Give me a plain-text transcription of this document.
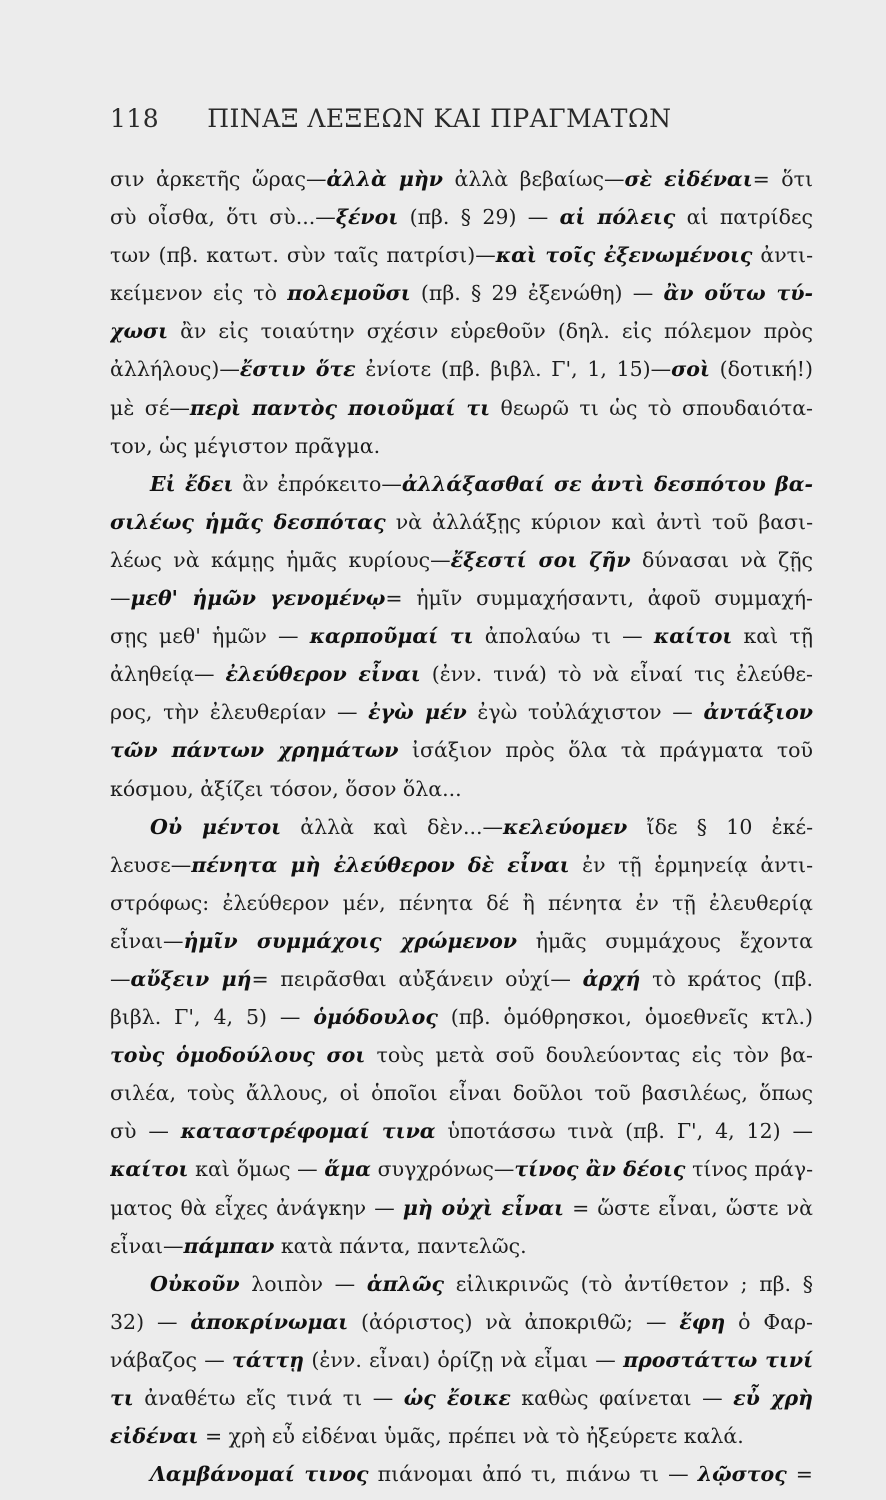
118 ΠΙΝΑΞ ΛΕΞΕΩΝ ΚΑΙ ΠΡΑΓΜΑΤΩΝ
σιν ἀρκετῆς ὥρας—ἀλλὰ μὴν ἀλλὰ βεβαίως—σὲ εἰδέναι= ὅτι
σὺ οἶσθα, ὅτι σὺ...—ξένοι (πβ. § 29) — αἱ πόλεις αἱ πατρίδες
των (πβ. κατωτ. σὺν ταῖς πατρίσι)—καὶ τοῖς ἐξενωμένοις ἀντι-
κείμενον εἰς τὸ πολεμοῦσι (πβ. § 29 ἐξενώθη) — ἂν οὕτω τύ-
χωσι ἂν εἰς τοιαύτην σχέσιν εὑρεθοῦν (δηλ. εἰς πόλεμον πρὸς
ἀλλήλους)—ἔστιν ὅτε ἐνίοτε (πβ. βιβλ. Γ', 1, 15)—σοὶ (δοτική!)
μὲ σέ—περὶ παντὸς ποιοῦμαί τι θεωρῶ τι ὡς τὸ σπουδαιότα-
τον, ὡς μέγιστον πρᾶγμα.
Εἰ ἔδει ἂν ἐπρόκειτο—ἀλλάξασθαί σε ἀντὶ δεσπότου βα-
σιλέως ἡμᾶς δεσπότας νὰ ἀλλάξῃς κύριον καὶ ἀντὶ τοῦ βασι-
λέως νὰ κάμῃς ἡμᾶς κυρίους—ἔξεστί σοι ζῆν δύνασαι νὰ ζῇς
—μεθ' ἡμῶν γενομένῳ= ἡμῖν συμμαχήσαντι, ἀφοῦ συμμαχή-
σῃς μεθ' ἡμῶν — καρποῦμαί τι ἀπολαύω τι — καίτοι καὶ τῇ
ἀληθείᾳ— ἐλεύθερον εἶναι (ἐνν. τινά) τὸ νὰ εἶναί τις ἐλεύθε-
ρος, τὴν ἐλευθερίαν — ἐγὼ μέν ἐγὼ τοὐλάχιστον — ἀντάξιον
τῶν πάντων χρημάτων ἰσάξιον πρὸς ὅλα τὰ πράγματα τοῦ
κόσμου, ἀξίζει τόσον, ὅσον ὅλα...
Οὐ μέντοι ἀλλὰ καὶ δὲν...—κελεύομεν ἴδε § 10 ἐκέ-
λευσε—πένητα μὴ ἐλεύθερον δὲ εἶναι ἐν τῇ ἑρμηνείᾳ ἀντι-
στρόφως: ἐλεύθερον μέν, πένητα δέ ἢ πένητα ἐν τῇ ἐλευθερίᾳ
εἶναι—ἡμῖν συμμάχοις χρώμενον ἡμᾶς συμμάχους ἔχοντα
—αὔξειν μή= πειρᾶσθαι αὐξάνειν οὐχί— ἀρχή τὸ κράτος (πβ.
βιβλ. Γ', 4, 5) — ὁμόδουλος (πβ. ὁμόθρησκοι, ὁμοεθνεῖς κτλ.)
τοὺς ὁμοδούλους σοι τοὺς μετὰ σοῦ δουλεύοντας εἰς τὸν βα-
σιλέα, τοὺς ἄλλους, οἱ ὁποῖοι εἶναι δοῦλοι τοῦ βασιλέως, ὅπως
σὺ — καταστρέφομαί τινα ὑποτάσσω τινὰ (πβ. Γ', 4, 12) —
καίτοι καὶ ὅμως — ἅμα συγχρόνως—τίνος ἂν δέοις τίνος πράγ-
ματος θὰ εἶχες ἀνάγκην — μὴ οὐχὶ εἶναι = ὥστε εἶναι, ὥστε νὰ
εἶναι—πάμπαν κατὰ πάντα, παντελῶς.
Οὐκοῦν λοιπὸν — ἁπλῶς εἰλικρινῶς (τὸ ἀντίθετον ; πβ. §
32) — ἀποκρίνωμαι (ἀόριστος) νὰ ἀποκριθῶ; — ἔφη ὁ Φαρ-
νάβαζος — τάττῃ (ἐνν. εἶναι) ὁρίζῃ νὰ εἶμαι — προστάττω τινί
τι ἀναθέτω εἴς τινά τι — ὡς ἔοικε καθὼς φαίνεται — εὖ χρὴ
εἰδέναι = χρὴ εὖ εἰδέναι ὑμᾶς, πρέπει νὰ τὸ ἠξεύρετε καλά.
Λαμβάνομαί τινος πιάνομαι ἀπό τι, πιάνω τι — λῷστος =
